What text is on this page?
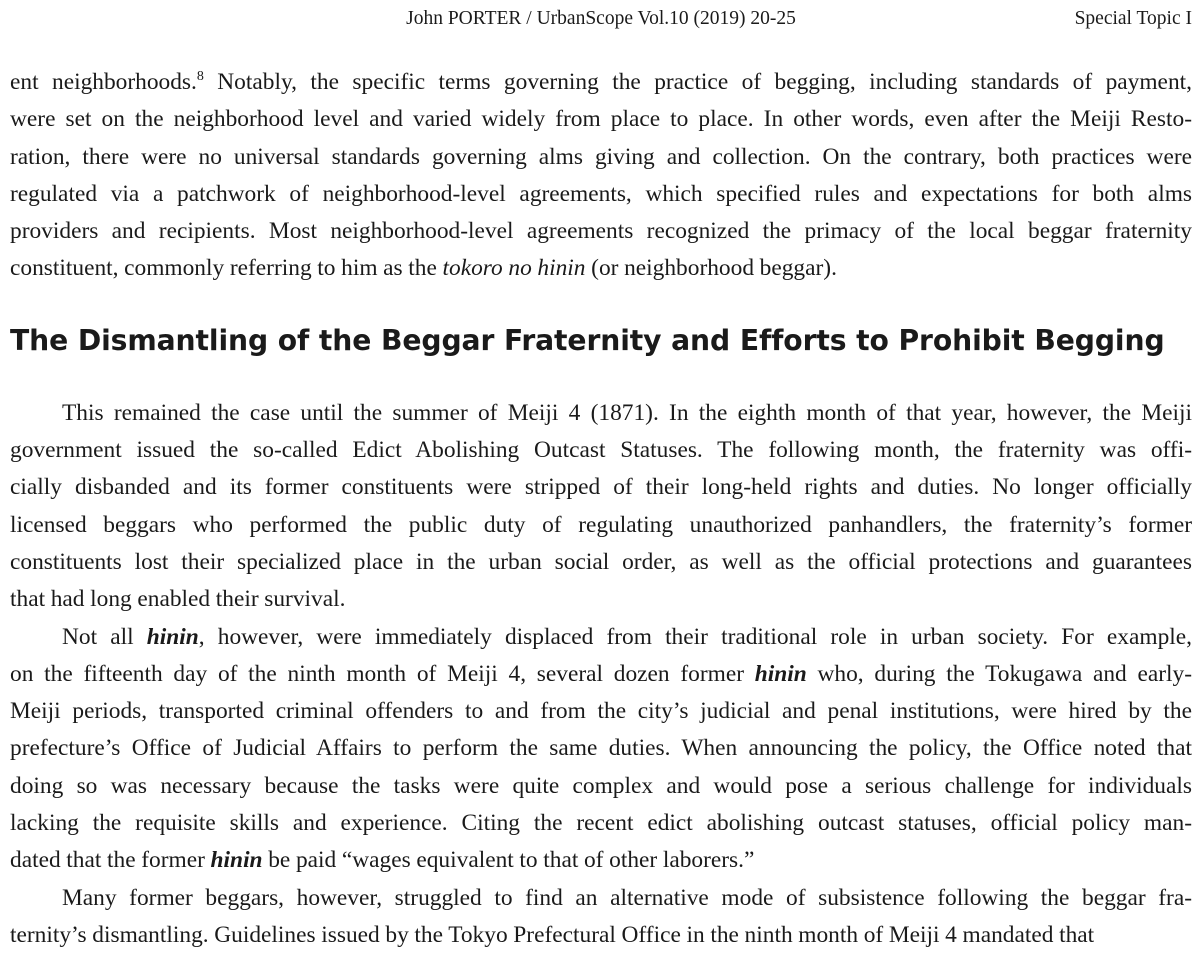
John PORTER / UrbanScope Vol.10 (2019) 20-25	Special Topic I

ent neighborhoods.$^8$ Notably, the specific terms governing the practice of begging, including standards of payment,
were set on the neighborhood level and varied widely from place to place. In other words, even after the Meiji Resto-
ration, there were no universal standards governing alms giving and collection. On the contrary, both practices were
regulated via a patchwork of neighborhood-level agreements, which specified rules and expectations for both alms
providers and recipients. Most neighborhood-level agreements recognized the primacy of the local beggar fraternity
constituent, commonly referring to him as the tokoro no hinin (or neighborhood beggar).

The Dismantling of the Beggar Fraternity and Efforts to Prohibit Begging

This remained the case until the summer of Meiji 4 (1871). In the eighth month of that year, however, the Meiji
government issued the so-called Edict Abolishing Outcast Statuses. The following month, the fraternity was offi-
cially disbanded and its former constituents were stripped of their long-held rights and duties. No longer officially
licensed beggars who performed the public duty of regulating unauthorized panhandlers, the fraternity’s former
constituents lost their specialized place in the urban social order, as well as the official protections and guarantees
that had long enabled their survival.

Not all hinin, however, were immediately displaced from their traditional role in urban society. For example,
on the fifteenth day of the ninth month of Meiji 4, several dozen former hinin who, during the Tokugawa and early-
Meiji periods, transported criminal offenders to and from the city’s judicial and penal institutions, were hired by the
prefecture’s Office of Judicial Affairs to perform the same duties. When announcing the policy, the Office noted that
doing so was necessary because the tasks were quite complex and would pose a serious challenge for individuals
lacking the requisite skills and experience. Citing the recent edict abolishing outcast statuses, official policy man-
dated that the former hinin be paid “wages equivalent to that of other laborers.”

Many former beggars, however, struggled to find an alternative mode of subsistence following the beggar fra-
ternity’s dismantling. Guidelines issued by the Tokyo Prefectural Office in the ninth month of Meiji 4 mandated that
